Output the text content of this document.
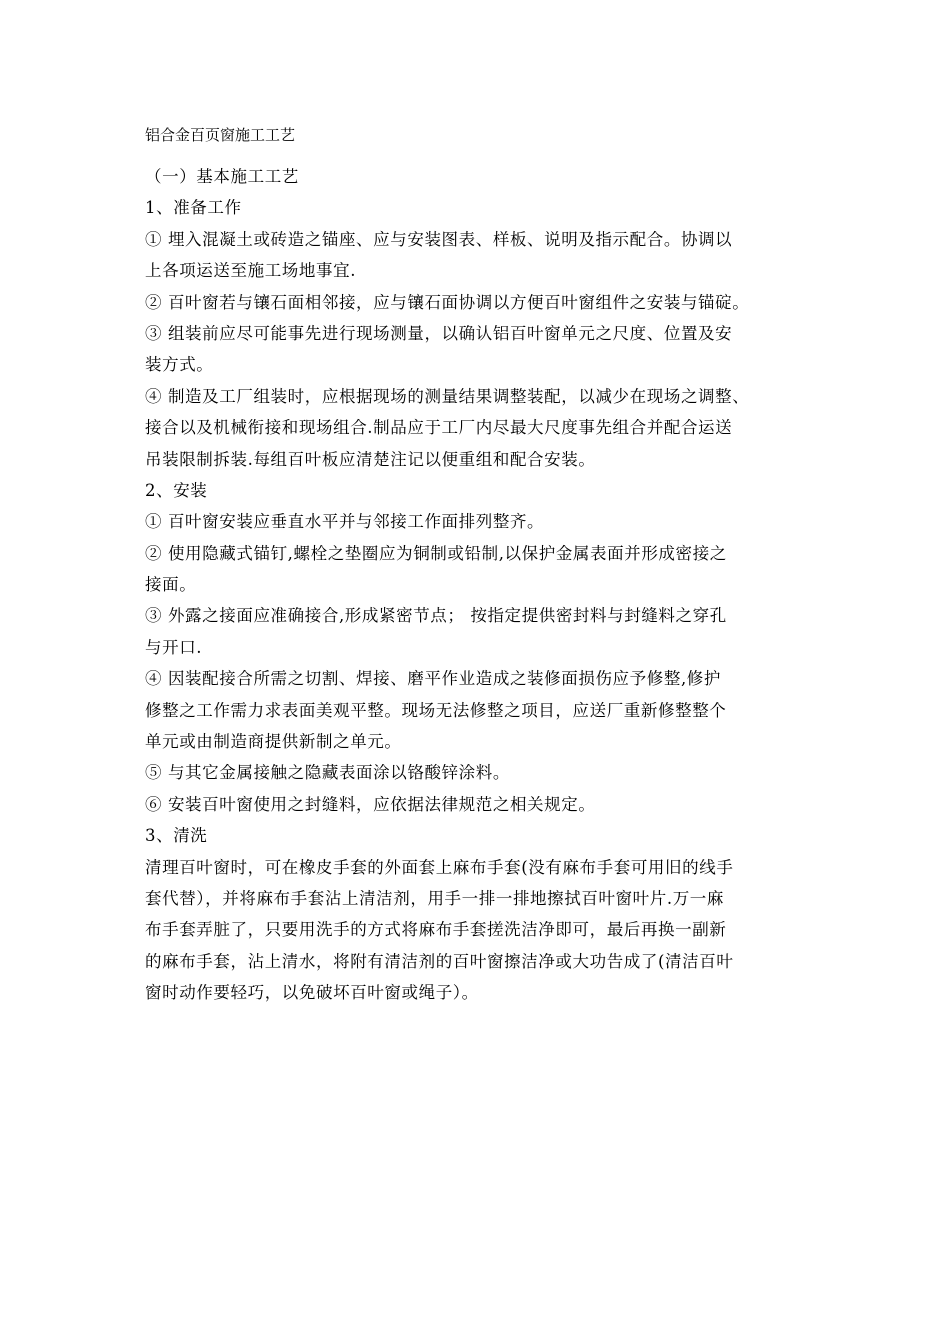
铝合金百页窗施工工艺
（一）基本施工工艺
1、准备工作
① 埋入混凝土或砖造之锚座、应与安装图表、样板、说明及指示配合。协调以
上各项运送至施工场地事宜.
② 百叶窗若与镶石面相邻接，应与镶石面协调以方便百叶窗组件之安装与锚碇。
③ 组装前应尽可能事先进行现场测量，以确认铝百叶窗单元之尺度、位置及安
装方式。
④ 制造及工厂组装时，应根据现场的测量结果调整装配，以减少在现场之调整、
接合以及机械衔接和现场组合.制品应于工厂内尽最大尺度事先组合并配合运送
吊装限制拆装.每组百叶板应清楚注记以便重组和配合安装。
2、安装
① 百叶窗安装应垂直水平并与邻接工作面排列整齐。
② 使用隐藏式锚钉,螺栓之垫圈应为铜制或铅制,以保护金属表面并形成密接之
接面。
③ 外露之接面应准确接合,形成紧密节点； 按指定提供密封料与封缝料之穿孔
与开口.
④ 因装配接合所需之切割、焊接、磨平作业造成之装修面损伤应予修整,修护
修整之工作需力求表面美观平整。现场无法修整之项目，应送厂重新修整整个
单元或由制造商提供新制之单元。
⑤ 与其它金属接触之隐藏表面涂以铬酸锌涂料。
⑥ 安装百叶窗使用之封缝料，应依据法律规范之相关规定。
3、清洗
清理百叶窗时，可在橡皮手套的外面套上麻布手套(没有麻布手套可用旧的线手
套代替），并将麻布手套沾上清洁剂，用手一排一排地擦拭百叶窗叶片.万一麻
布手套弄脏了，只要用洗手的方式将麻布手套搓洗洁净即可，最后再换一副新
的麻布手套，沾上清水，将附有清洁剂的百叶窗擦洁净或大功告成了(清洁百叶
窗时动作要轻巧，以免破坏百叶窗或绳子）。
